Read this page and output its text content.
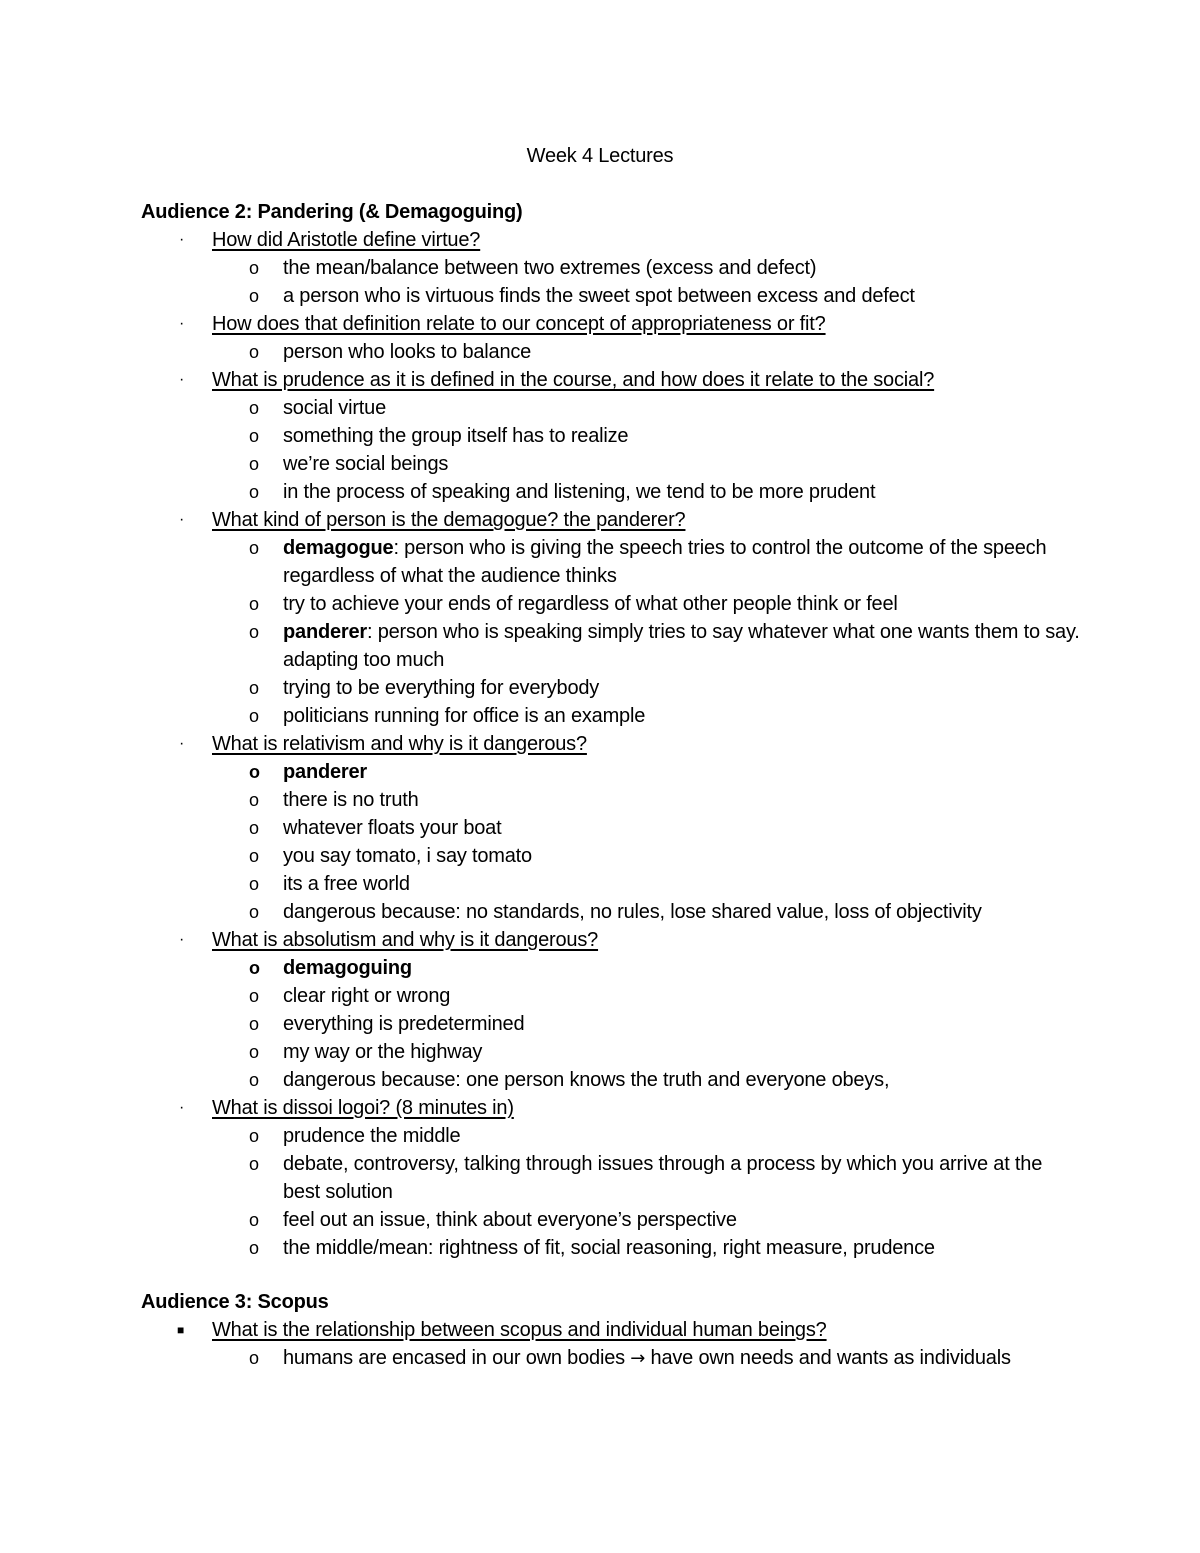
Week 4 Lectures
Audience 2: Pandering (& Demagoguing)
·	How did Aristotle define virtue?
o	the mean/balance between two extremes (excess and defect)
o	a person who is virtuous finds the sweet spot between excess and defect
·	How does that definition relate to our concept of appropriateness or fit?
o	person who looks to balance
·	What is prudence as it is defined in the course, and how does it relate to the social?
o	social virtue
o	something the group itself has to realize
o	we’re social beings
o	in the process of speaking and listening, we tend to be more prudent
·	What kind of person is the demagogue? the panderer?
o	demagogue: person who is giving the speech tries to control the outcome of the speech regardless of what the audience thinks
o	try to achieve your ends of regardless of what other people think or feel
o	panderer: person who is speaking simply tries to say whatever what one wants them to say. adapting too much
o	trying to be everything for everybody
o	politicians running for office is an example
·	What is relativism and why is it dangerous?
o	panderer
o	there is no truth
o	whatever floats your boat
o	you say tomato, i say tomato
o	its a free world
o	dangerous because: no standards, no rules, lose shared value, loss of objectivity
·	What is absolutism and why is it dangerous?
o	demagoguing
o	clear right or wrong
o	everything is predetermined
o	my way or the highway
o	dangerous because: one person knows the truth and everyone obeys,
·	What is dissoi logoi? (8 minutes in)
o	prudence the middle
o	debate, controversy, talking through issues through a process by which you arrive at the best solution
o	feel out an issue, think about everyone’s perspective
o	the middle/mean: rightness of fit, social reasoning, right measure, prudence
Audience 3: Scopus
■	What is the relationship between scopus and individual human beings?
o	humans are encased in our own bodies → have own needs and wants as individuals
